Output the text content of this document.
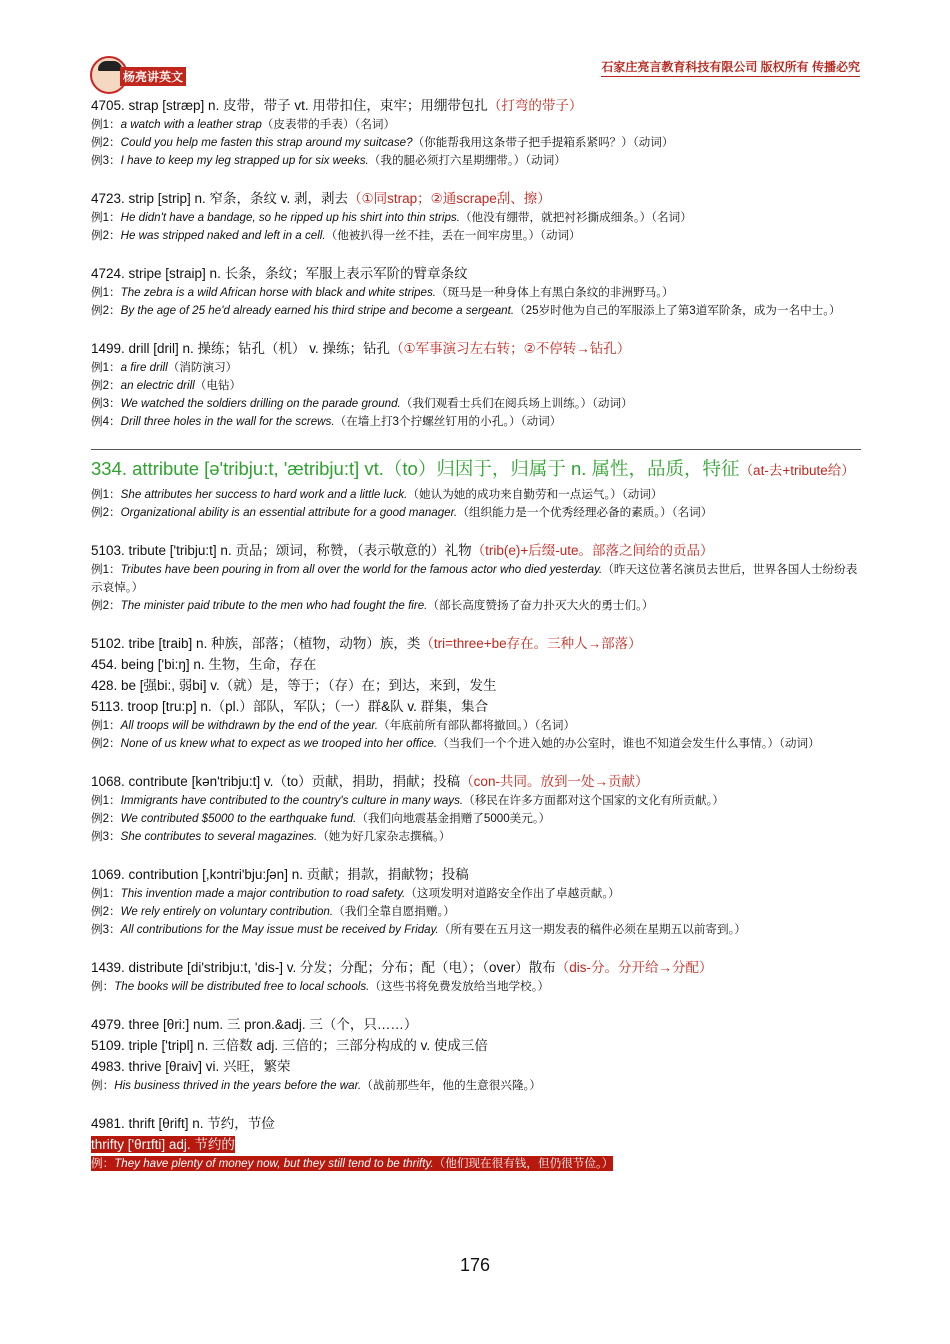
杨亮讲英文
石家庄亮言教育科技有限公司 版权所有 传播必究
4705. strap [stræp] n. 皮带，带子 vt. 用带扣住，束牢；用绷带包扎（打弯的带子）
例1：a watch with a leather strap（皮表带的手表）（名词）
例2：Could you help me fasten this strap around my suitcase?（你能帮我用这条带子把手提箱系紧吗？）（动词）
例3：I have to keep my leg strapped up for six weeks.（我的腿必须打六星期绷带。）（动词）
4723. strip [strip] n. 窄条，条纹 v. 剥，剥去（①同strap；②通scrape刮、擦）
例1：He didn't have a bandage, so he ripped up his shirt into thin strips.（他没有绷带，就把衬衫撕成细条。）（名词）
例2：He was stripped naked and left in a cell.（他被扒得一丝不挂，丢在一间牢房里。）（动词）
4724. stripe [straip] n. 长条，条纹；军服上表示军阶的臂章条纹
例1：The zebra is a wild African horse with black and white stripes.（斑马是一种身体上有黑白条纹的非洲野马。）
例2：By the age of 25 he'd already earned his third stripe and become a sergeant.（25岁时他为自己的军服添上了第3道军阶条，成为一名中士。）
1499. drill [dril] n. 操练；钻孔（机） v. 操练；钻孔（①军事演习左右转；②不停转→钻孔）
例1：a fire drill（消防演习）
例2：an electric drill（电钻）
例3：We watched the soldiers drilling on the parade ground.（我们观看士兵们在阅兵场上训练。）（动词）
例4：Drill three holes in the wall for the screws.（在墙上打3个拧螺丝钉用的小孔。）（动词）
334. attribute [ə'tribju:t, 'ætribju:t] vt.（to）归因于，归属于 n. 属性，品质，特征（at-去+tribute给）
例1：She attributes her success to hard work and a little luck.（她认为她的成功来自勤劳和一点运气。）（动词）
例2：Organizational ability is an essential attribute for a good manager.（组织能力是一个优秀经理必备的素质。）（名词）
5103. tribute ['tribju:t] n. 贡品；颂词，称赞，（表示敬意的）礼物（trib(e)+后缀-ute。部落之间给的贡品）
例1：Tributes have been pouring in from all over the world for the famous actor who died yesterday.（昨天这位著名演员去世后，世界各国人士纷纷表示哀悼。）
例2：The minister paid tribute to the men who had fought the fire.（部长高度赞扬了奋力扑灭大火的勇士们。）
5102. tribe [traib] n. 种族，部落；（植物，动物）族，类（tri=three+be存在。三种人→部落）
454. being ['bi:ŋ] n. 生物，生命，存在
428. be [强bi:, 弱bi] v.（就）是，等于；（存）在；到达，来到，发生
5113. troop [tru:p] n.（pl.）部队，军队；（一）群&队 v. 群集，集合
例1：All troops will be withdrawn by the end of the year.（年底前所有部队都将撤回。）（名词）
例2：None of us knew what to expect as we trooped into her office.（当我们一个个进入她的办公室时，谁也不知道会发生什么事情。）（动词）
1068. contribute [kən'tribju:t] v.（to）贡献，捐助，捐献；投稿（con-共同。放到一处→贡献）
例1：Immigrants have contributed to the country's culture in many ways.（移民在许多方面都对这个国家的文化有所贡献。）
例2：We contributed $5000 to the earthquake fund.（我们向地震基金捐赠了5000美元。）
例3：She contributes to several magazines.（她为好几家杂志撰稿。）
1069. contribution [,kɔntri'bju:ʃən] n. 贡献；捐款，捐献物；投稿
例1：This invention made a major contribution to road safety.（这项发明对道路安全作出了卓越贡献。）
例2：We rely entirely on voluntary contribution.（我们全靠自愿捐赠。）
例3：All contributions for the May issue must be received by Friday.（所有要在五月这一期发表的稿件必须在星期五以前寄到。）
1439. distribute [di'stribju:t, 'dis-] v. 分发；分配；分布；配（电）；（over）散布（dis-分。分开给→分配）
例：The books will be distributed free to local schools.（这些书将免费发放给当地学校。）
4979. three [θri:] num. 三 pron.&adj. 三（个，只……）
5109. triple ['tripl] n. 三倍数 adj. 三倍的；三部分构成的 v. 使成三倍
4983. thrive [θraiv] vi. 兴旺，繁荣
例：His business thrived in the years before the war.（战前那些年，他的生意很兴隆。）
4981. thrift [θrift] n. 节约，节俭
thrifty ['θrɪfti] adj. 节约的
例：They have plenty of money now, but they still tend to be thrifty.（他们现在很有钱，但仍很节俭。）
176
